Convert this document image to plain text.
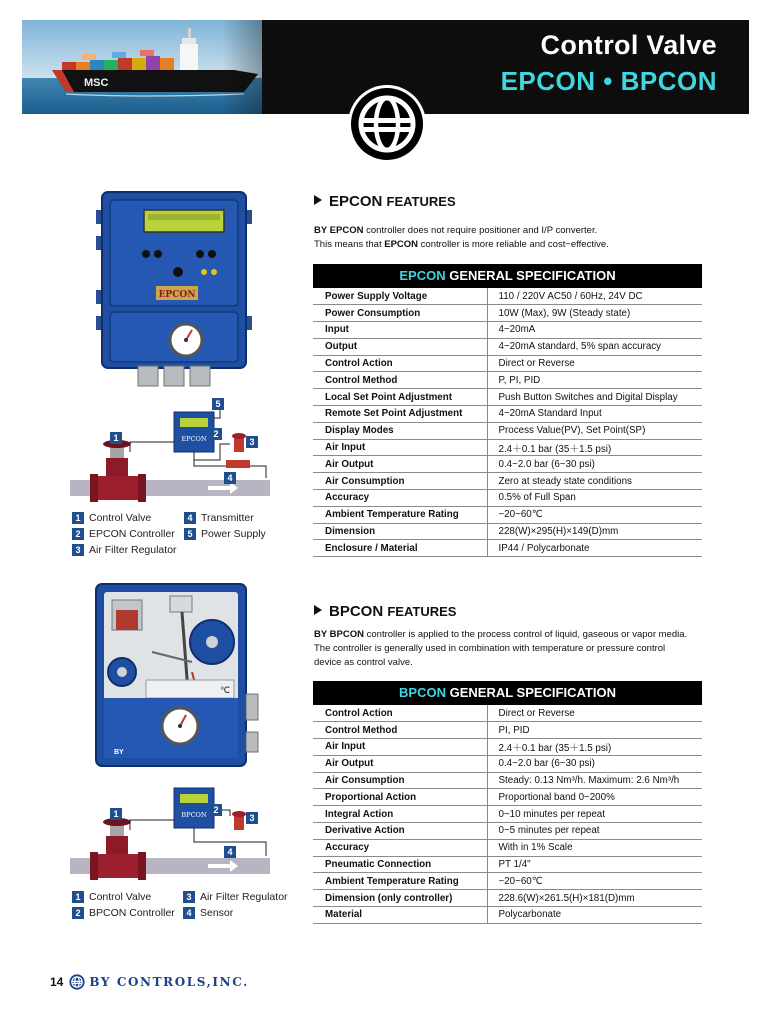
MSC
Control Valve
EPCON • BPCON
EPCON
EPCON
1	2
3
4
5
1 Control Valve	4 Transmitter
2 EPCON Controller	5 Power Supply
3 Air Filter Regulator
EPCON FEATURES
BY EPCON controller does not require positioner and I/P converter.
This means that EPCON controller is more reliable and cost−effective.
EPCON GENERAL SPECIFICATION
Power Supply Voltage	110 / 220V AC50 / 60Hz, 24V DC
Power Consumption	10W (Max), 9W (Steady state)
Input	4~20mA
Output	4~20mA standard, 5% span accuracy
Control Action	Direct or Reverse
Control Method	P, PI, PID
Local Set Point Adjustment	Push Button Switches and Digital Display
Remote Set Point Adjustment	4~20mA Standard Input
Display Modes	Process Value(PV), Set Point(SP)
Air Input	2.4＋0.1 bar (35＋1.5 psi)
Air Output	0.4~2.0 bar (6~30 psi)
Air Consumption	Zero at steady state conditions
Accuracy	0.5% of Full Span
Ambient Temperature Rating	−20~60℃
Dimension	228(W)×295(H)×149(D)mm
Enclosure / Material	IP44 / Polycarbonate
℃
BY
BPCON
1	2
3
4
1 Control Valve	3 Air Filter Regulator
2 BPCON Controller	4 Sensor
BPCON FEATURES
BY BPCON controller is applied to the process control of liquid, gaseous or vapor media.
The controller is generally used in combination with temperature or pressure control
device as control valve.
BPCON GENERAL SPECIFICATION
Control Action	Direct or Reverse
Control Method	PI, PID
Air Input	2.4＋0.1 bar (35＋1.5 psi)
Air Output	0.4~2.0 bar (6~30 psi)
Air Consumption	Steady: 0.13 Nm³/h. Maximum: 2.6 Nm³/h
Proportional Action	Proportional band 0~200%
Integral Action	0~10 minutes per repeat
Derivative Action	0~5 minutes per repeat
Accuracy	With in 1% Scale
Pneumatic Connection	PT 1/4"
Ambient Temperature Rating	−20~60℃
Dimension (only controller)	228.6(W)×261.5(H)×181(D)mm
Material	Polycarbonate
14 BY CONTROLS,INC.
